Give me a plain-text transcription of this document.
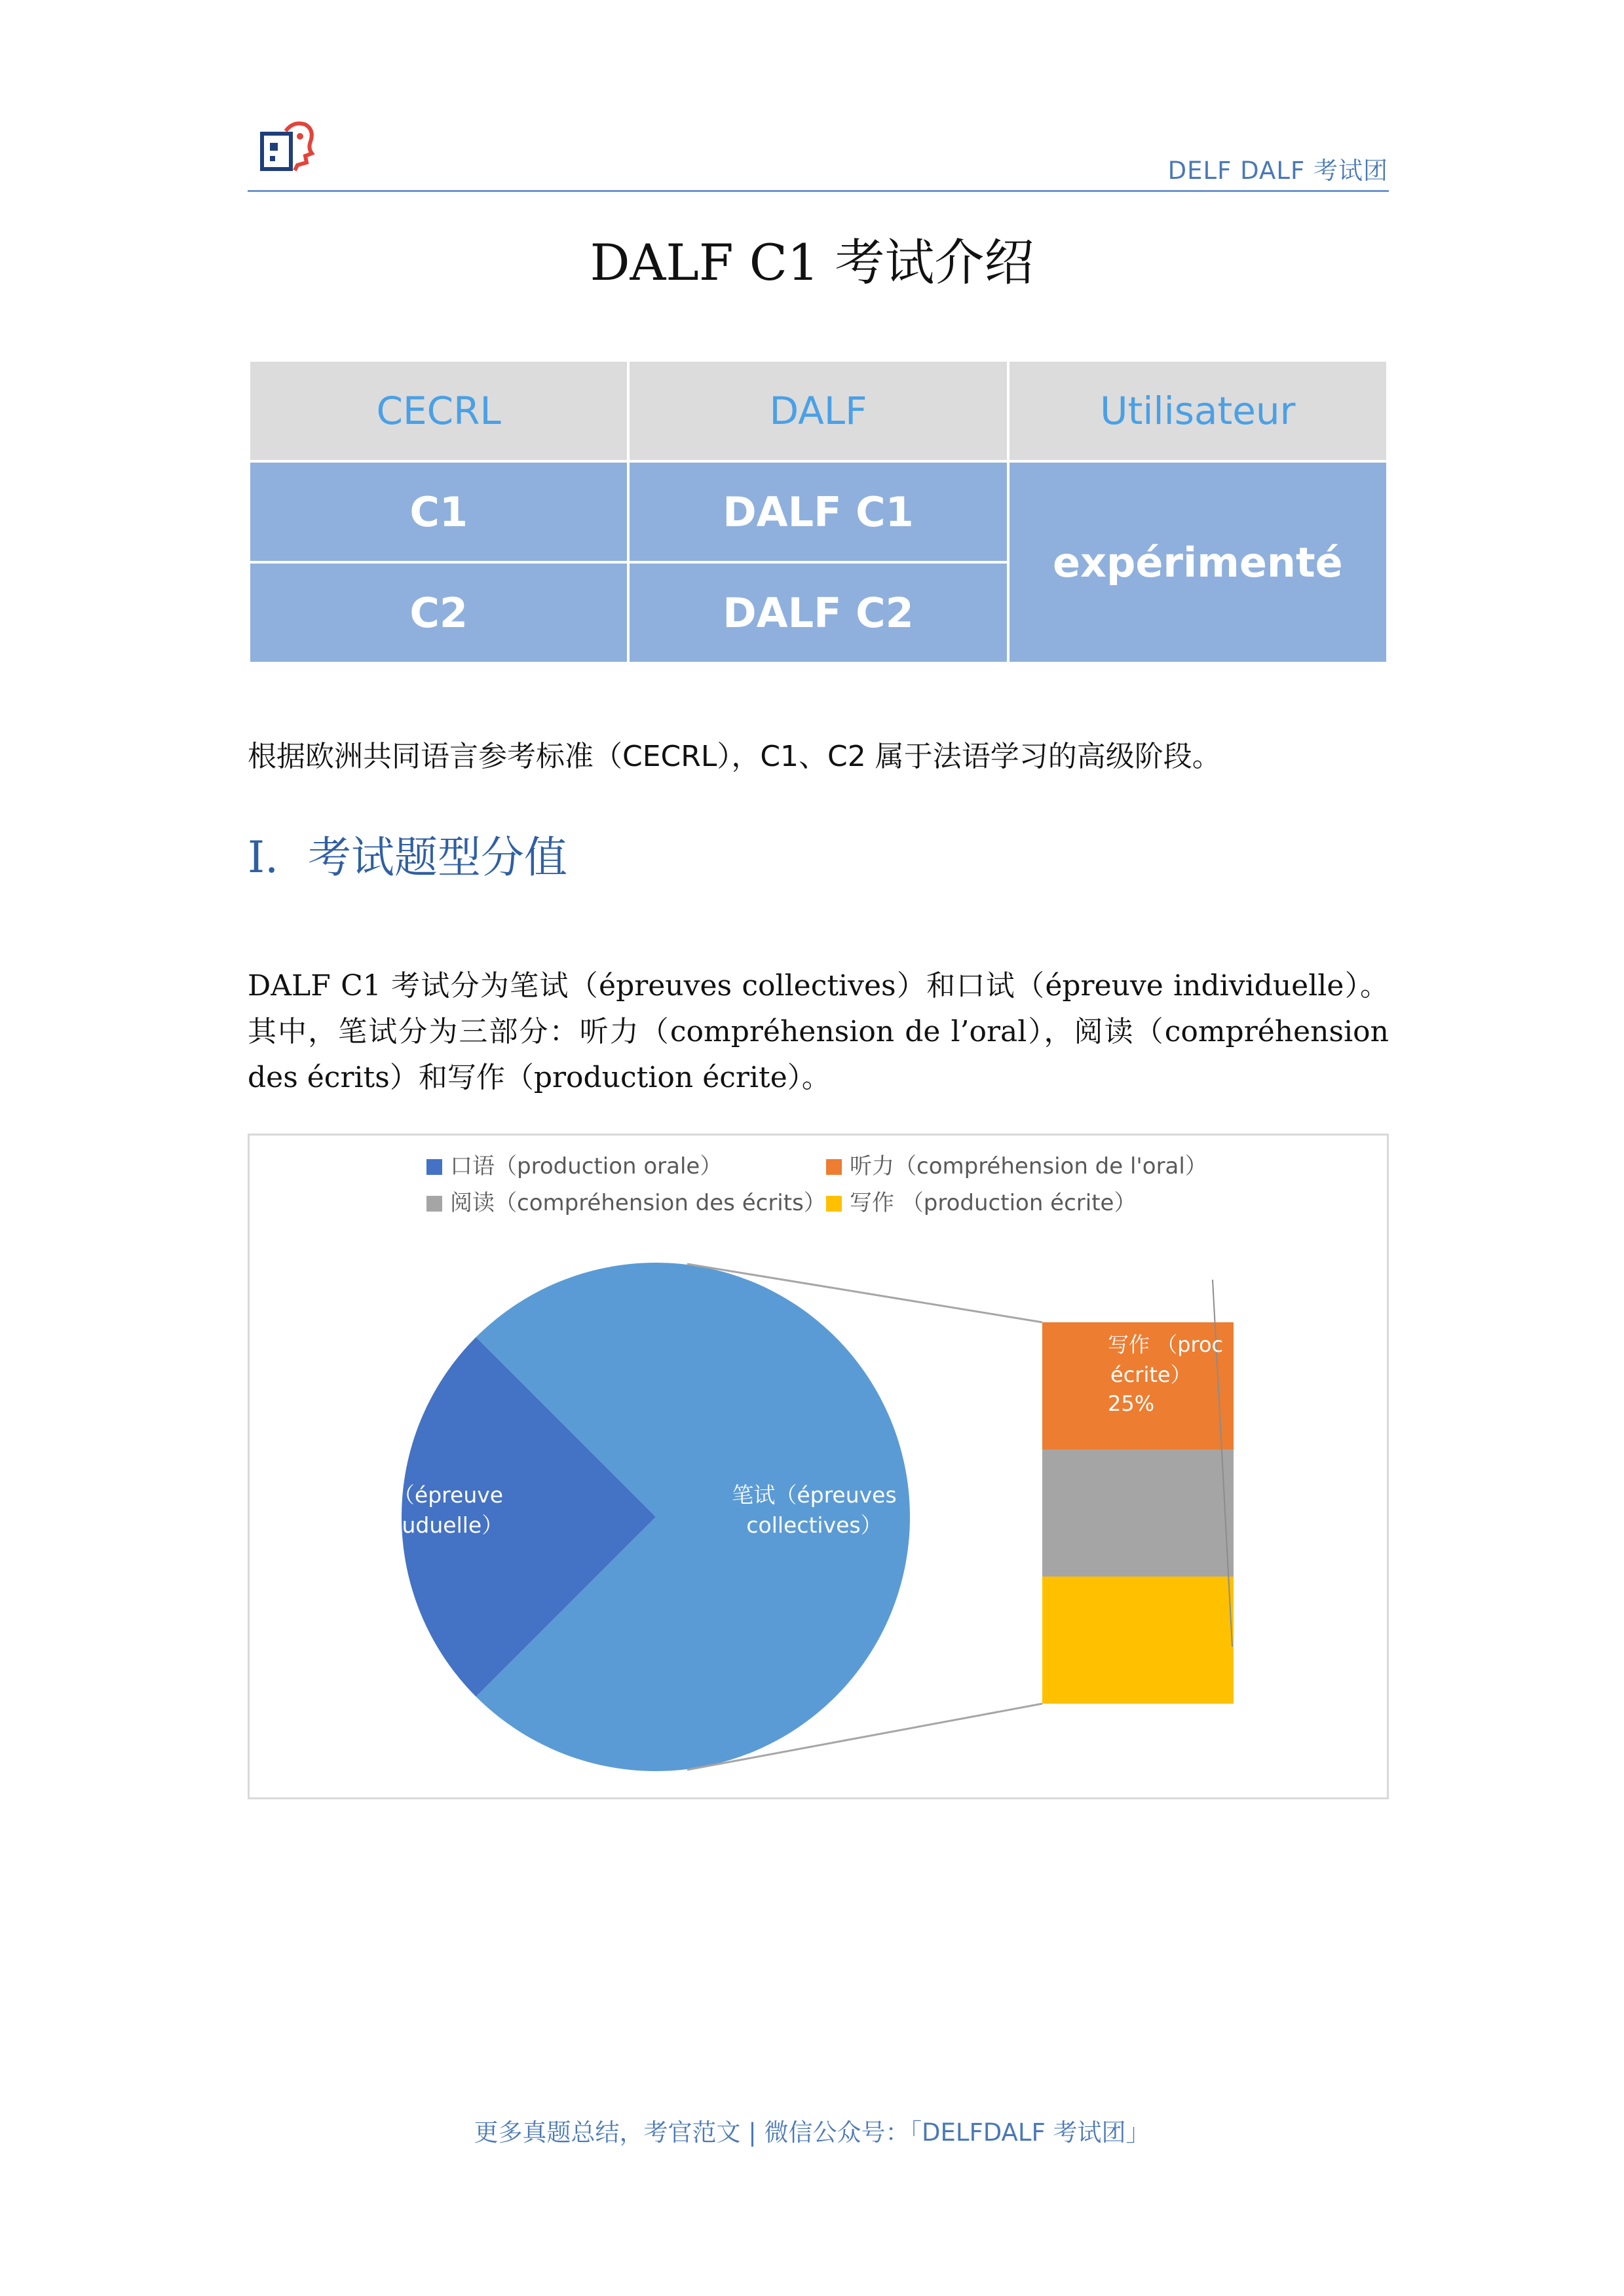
DELF DALF 考试团
DALF C1 考试介绍
CECRL	DALF	Utilisateur
C1	DALF C1	expérimenté
C2	DALF C2	
根据欧洲共同语言参考标准（CECRL），C1、C2 属于法语学习的高级阶段。
I. 考试题型分值
DALF C1 考试分为笔试（épreuves collectives）和口试（épreuve individuelle）。其中，笔试分为三部分：听力（compréhension de l’oral），阅读（compréhension des écrits）和写作（production écrite）。
口语（production orale）	听力（compréhension de l'oral）
阅读（compréhension des écrits） 写作 （production écrite）
口试（épreuve
indivuduelle）
笔试（épreuves
collectives）
写作 （proc
écrite）
25%
更多真题总结，考官范文 | 微信公众号：「DELFDALF 考试团」
